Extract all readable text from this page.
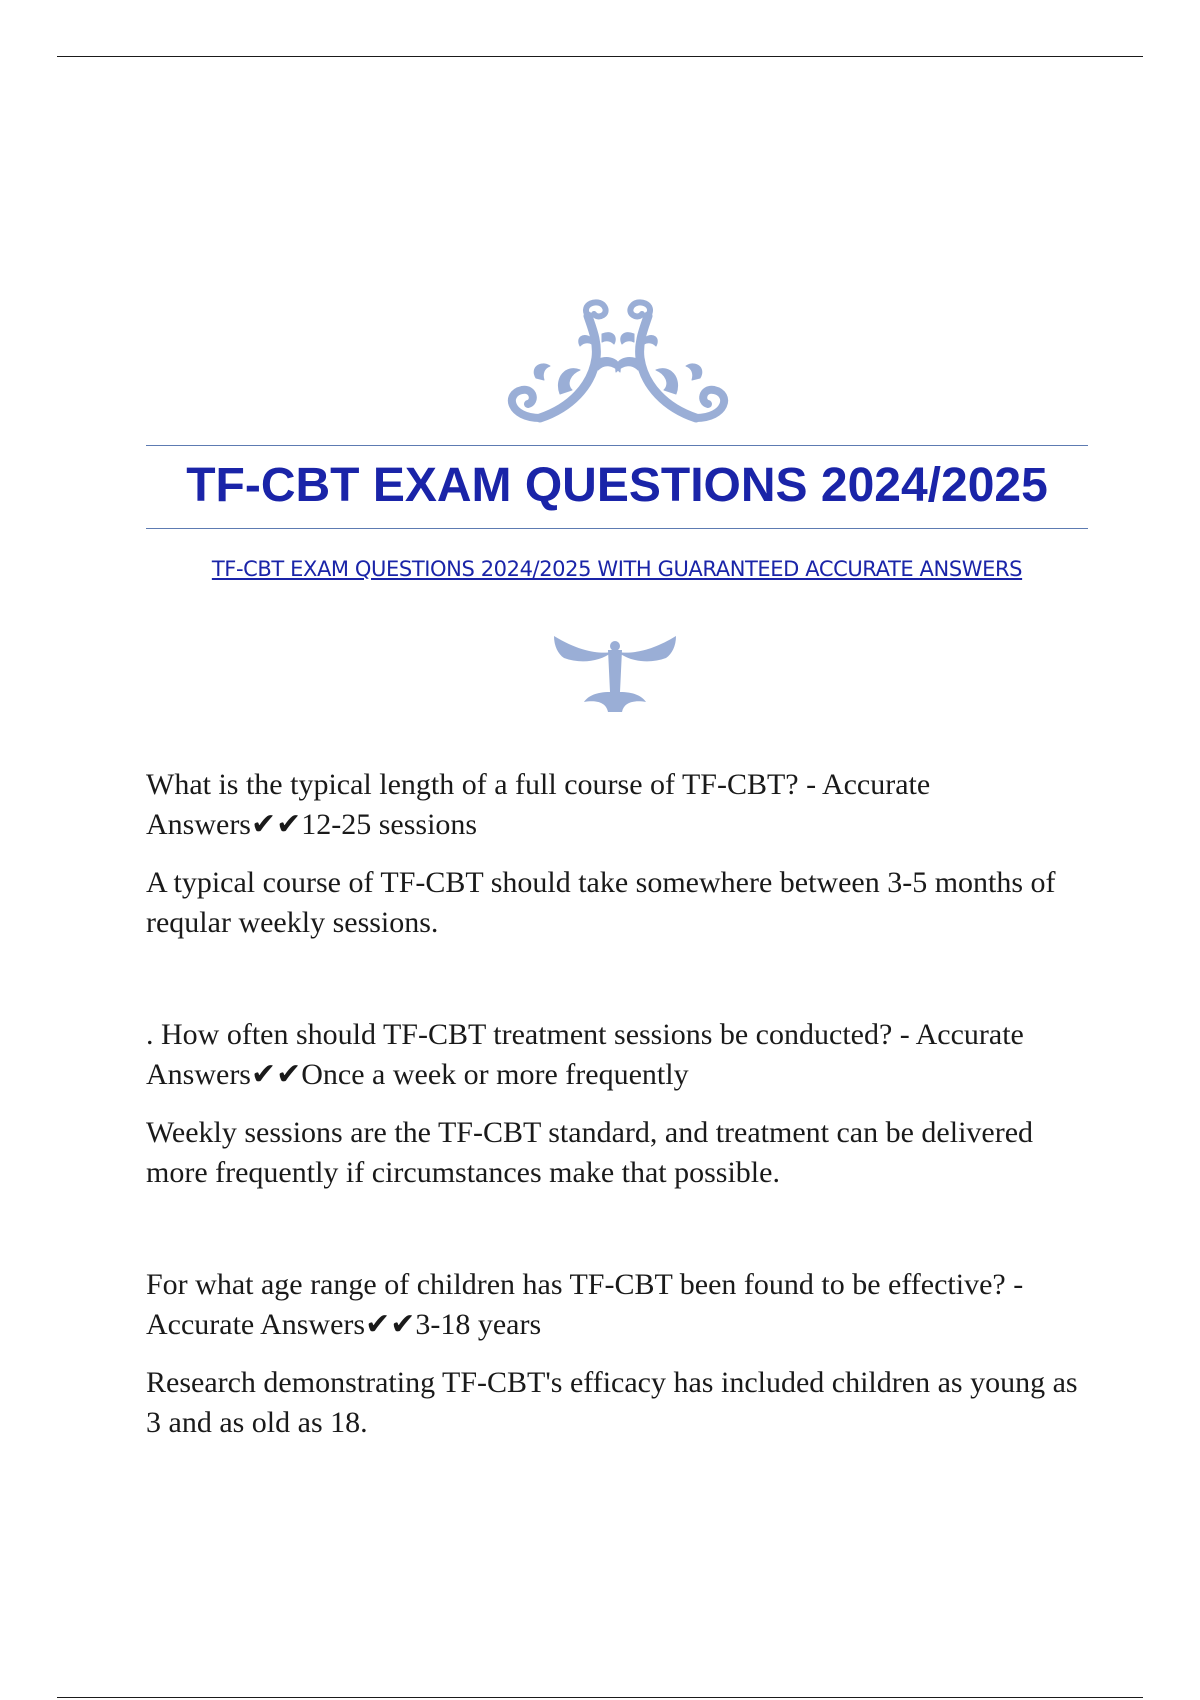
TF-CBT EXAM QUESTIONS 2024/2025

TF-CBT EXAM QUESTIONS 2024/2025 WITH GUARANTEED ACCURATE ANSWERS

What is the typical length of a full course of TF-CBT? - Accurate Answers✔✔12-25 sessions

A typical course of TF-CBT should take somewhere between 3-5 months of reqular weekly sessions.

. How often should TF-CBT treatment sessions be conducted? - Accurate Answers✔✔Once a week or more frequently

Weekly sessions are the TF-CBT standard, and treatment can be delivered more frequently if circumstances make that possible.

For what age range of children has TF-CBT been found to be effective? - Accurate Answers✔✔3-18 years

Research demonstrating TF-CBT's efficacy has included children as young as 3 and as old as 18.
